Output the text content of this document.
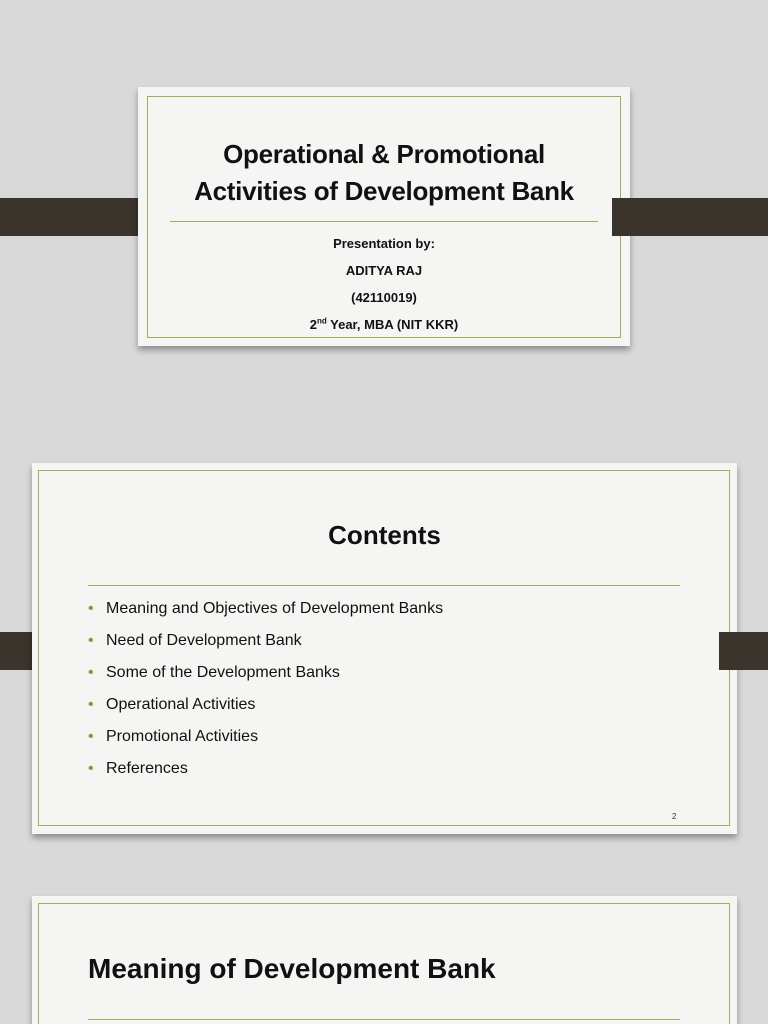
Operational & Promotional
Activities of Development Bank
Presentation by:
ADITYA RAJ
(42110019)
2nd Year, MBA (NIT KKR)
Contents
• Meaning and Objectives of Development Banks
• Need of Development Bank
• Some of the Development Banks
• Operational Activities
• Promotional Activities
• References
2
Meaning of Development Bank
